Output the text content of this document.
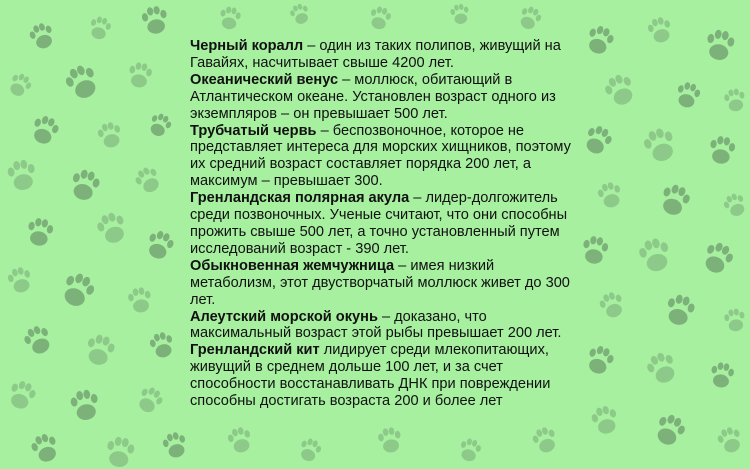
Черный коралл – один из таких полипов, живущий на Гавайях, насчитывает свыше 4200 лет.

Океанический венус – моллюск, обитающий в Атлантическом океане. Установлен возраст одного из экземпляров – он превышает 500 лет.

Трубчатый червь – беспозвоночное, которое не представляет интереса для морских хищников, поэтому их средний возраст составляет порядка 200 лет, а максимум – превышает 300.

Гренландская полярная акула – лидер-долгожитель среди позвоночных. Ученые считают, что они способны прожить свыше 500 лет, а точно установленный путем исследований возраст - 390 лет.

Обыкновенная жемчужница – имея низкий метаболизм, этот двустворчатый моллюск живет до 300 лет.

Алеутский морской окунь – доказано, что максимальный возраст этой рыбы превышает 200 лет.

Гренландский кит лидирует среди млекопитающих, живущий в среднем дольше 100 лет, и за счет способности восстанавливать ДНК при повреждении способны достигать возраста 200 и более лет
